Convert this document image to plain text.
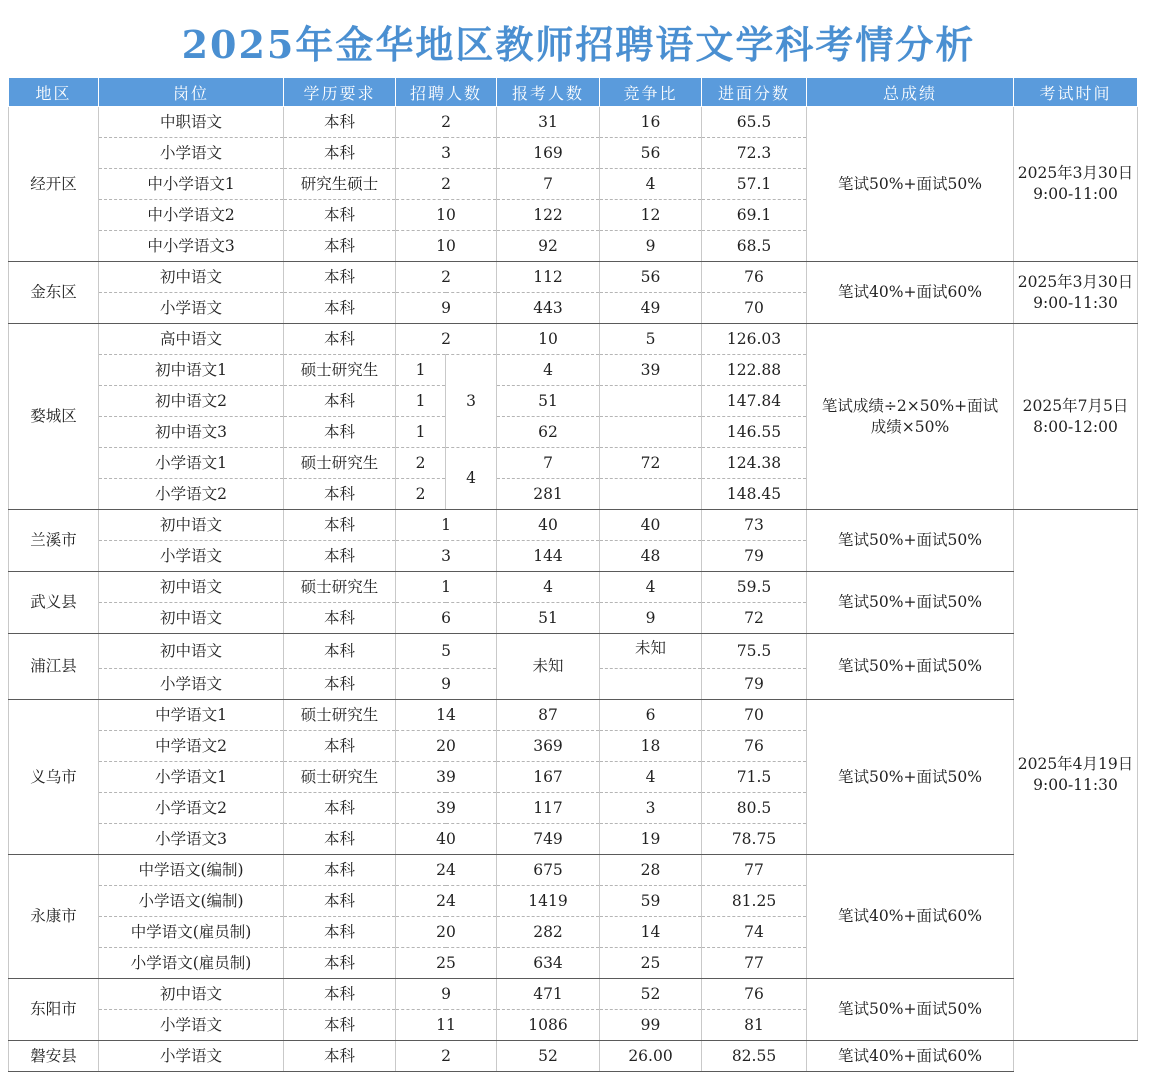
2025年金华地区教师招聘语文学科考情分析
地区	岗位	学历要求	招聘人数		报考人数	竞争比	进面分数	总成绩	考试时间
经开区	中职语文	本科	2		31	16	65.5	笔试50%+面试50%	2025年3月30日
9:00-11:00
	小学语文	本科	3		169	56	72.3		
	中小学语文1	研究生硕士	2		7	4	57.1		
	中小学语文2	本科	10		122	12	69.1		
	中小学语文3	本科	10		92	9	68.5		
金东区	初中语文	本科	2		112	56	76	笔试40%+面试60%	2025年3月30日
9:00-11:30
	小学语文	本科	9		443	49	70		
婺城区	高中语文	本科	2		10	5	126.03	笔试成绩÷2×50%+面试成绩×50%	2025年7月5日
8:00-12:00
	初中语文1	硕士研究生	1	3	4	39	122.88		
	初中语文2	本科	1		51		147.84		
	初中语文3	本科	1		62		146.55		
	小学语文1	硕士研究生	2	4	7	72	124.38		
	小学语文2	本科	2		281		148.45		
兰溪市	初中语文	本科	1		40	40	73	笔试50%+面试50%	2025年4月19日
9:00-11:30
	小学语文	本科	3		144	48	79		
武义县	初中语文	硕士研究生	1		4	4	59.5	笔试50%+面试50%	
	初中语文	本科	6		51	9	72		
浦江县	初中语文	本科	5		未知	未知	75.5	笔试50%+面试50%	
	小学语文	本科	9				79		
义乌市	中学语文1	硕士研究生	14		87	6	70	笔试50%+面试50%	
	中学语文2	本科	20		369	18	76		
	小学语文1	硕士研究生	39		167	4	71.5		
	小学语文2	本科	39		117	3	80.5		
	小学语文3	本科	40		749	19	78.75		
永康市	中学语文(编制)	本科	24		675	28	77	笔试40%+面试60%	
	小学语文(编制)	本科	24		1419	59	81.25		
	中学语文(雇员制)	本科	20		282	14	74		
	小学语文(雇员制)	本科	25		634	25	77		
东阳市	初中语文	本科	9		471	52	76	笔试50%+面试50%	
	小学语文	本科	11		1086	99	81		
磐安县	小学语文	本科	2		52	26.00	82.55	笔试40%+面试60%	
